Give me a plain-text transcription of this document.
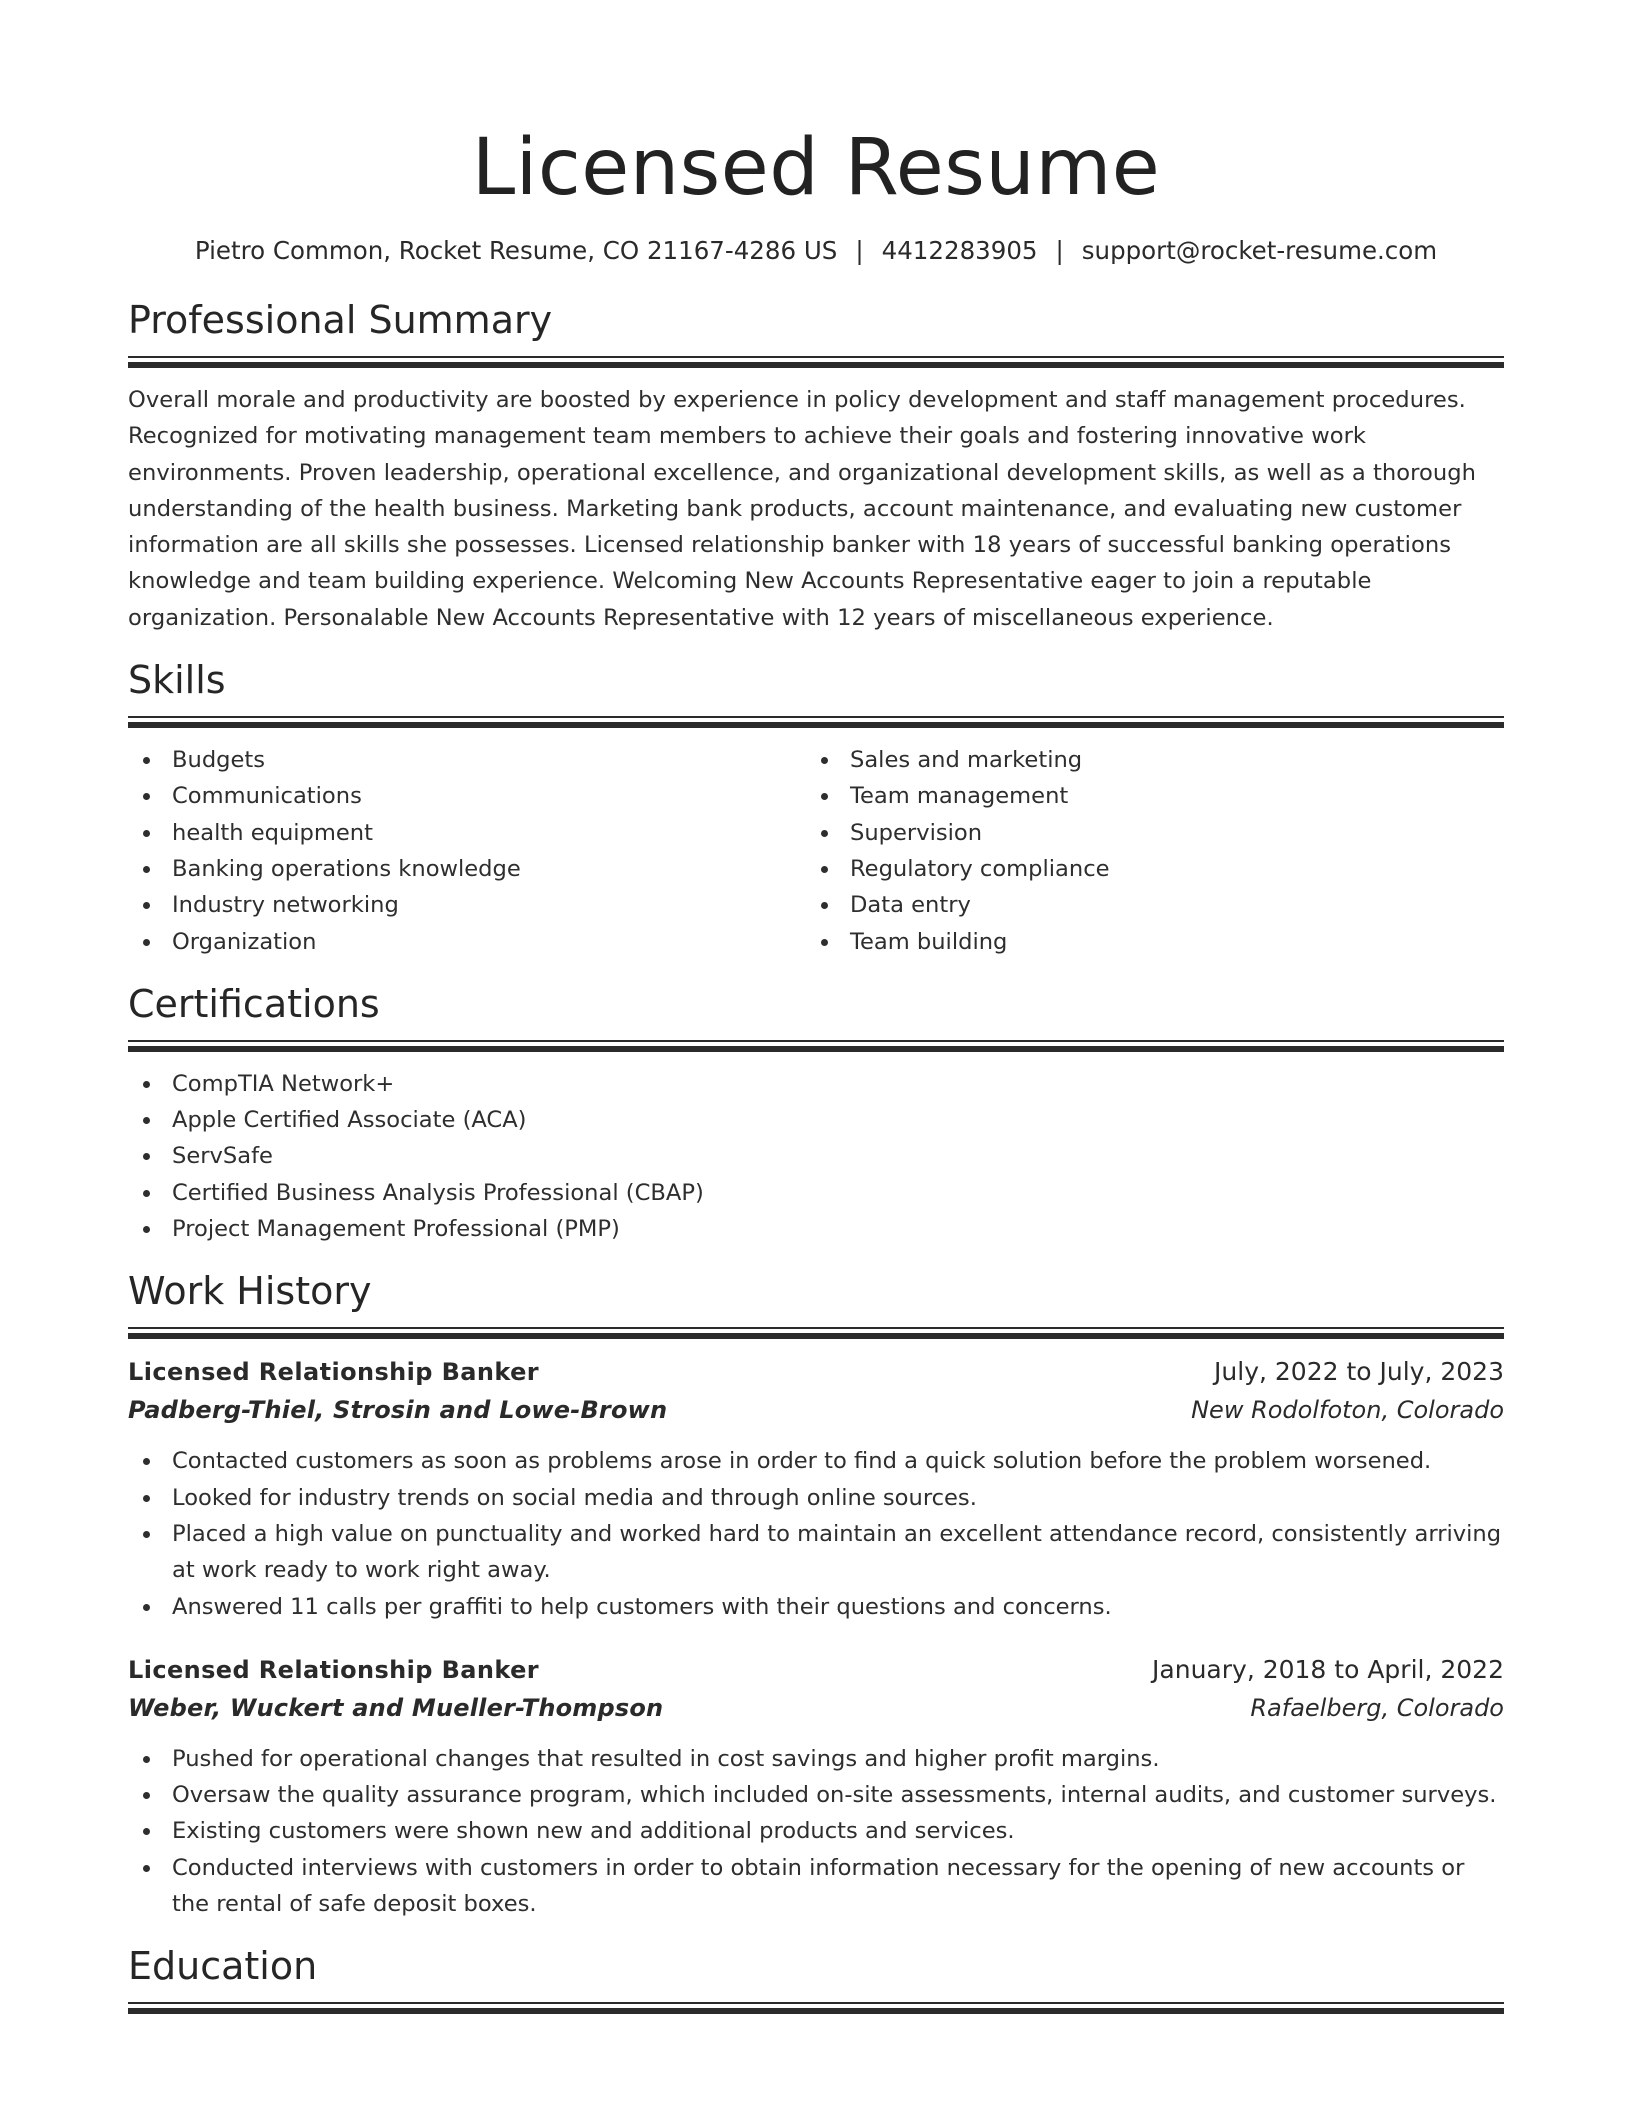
Licensed Resume
Pietro Common, Rocket Resume, CO 21167-4286 US | 4412283905 | support@rocket-resume.com
Professional Summary
Overall morale and productivity are boosted by experience in policy development and staff management procedures. Recognized for motivating management team members to achieve their goals and fostering innovative work environments. Proven leadership, operational excellence, and organizational development skills, as well as a thorough understanding of the health business. Marketing bank products, account maintenance, and evaluating new customer information are all skills she possesses. Licensed relationship banker with 18 years of successful banking operations knowledge and team building experience. Welcoming New Accounts Representative eager to join a reputable organization. Personalable New Accounts Representative with 12 years of miscellaneous experience.
Skills
Budgets
Communications
health equipment
Banking operations knowledge
Industry networking
Organization
Sales and marketing
Team management
Supervision
Regulatory compliance
Data entry
Team building
Certifications
CompTIA Network+
Apple Certified Associate (ACA)
ServSafe
Certified Business Analysis Professional (CBAP)
Project Management Professional (PMP)
Work History
Licensed Relationship Banker	July, 2022 to July, 2023
Padberg-Thiel, Strosin and Lowe-Brown	New Rodolfoton, Colorado
Contacted customers as soon as problems arose in order to find a quick solution before the problem worsened.
Looked for industry trends on social media and through online sources.
Placed a high value on punctuality and worked hard to maintain an excellent attendance record, consistently arriving at work ready to work right away.
Answered 11 calls per graffiti to help customers with their questions and concerns.
Licensed Relationship Banker	January, 2018 to April, 2022
Weber, Wuckert and Mueller-Thompson	Rafaelberg, Colorado
Pushed for operational changes that resulted in cost savings and higher profit margins.
Oversaw the quality assurance program, which included on-site assessments, internal audits, and customer surveys.
Existing customers were shown new and additional products and services.
Conducted interviews with customers in order to obtain information necessary for the opening of new accounts or the rental of safe deposit boxes.
Education
